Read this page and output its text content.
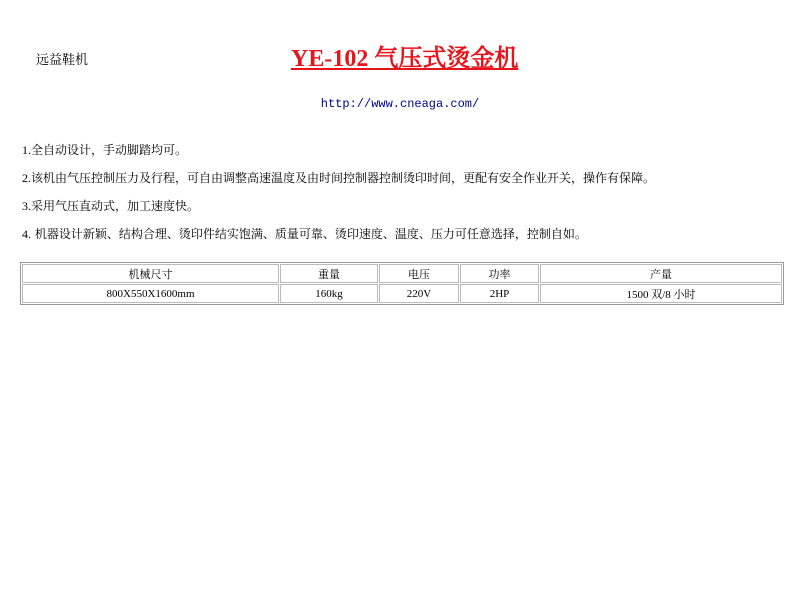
远益鞋机	YE-102 气压式烫金机
http://www.cneaga.com/
1.全自动设计，手动脚踏均可。
2.该机由气压控制压力及行程，可自由调整高速温度及由时间控制器控制烫印时间，更配有安全作业开关，操作有保障。
3.采用气压直动式，加工速度快。
4. 机器设计新颖、结构合理、烫印件结实饱满、质量可靠、烫印速度、温度、压力可任意选择，控制自如。
机械尺寸	重量	电压	功率	产量
800X550X1600mm	160kg	220V	2HP	1500 双/8 小时
